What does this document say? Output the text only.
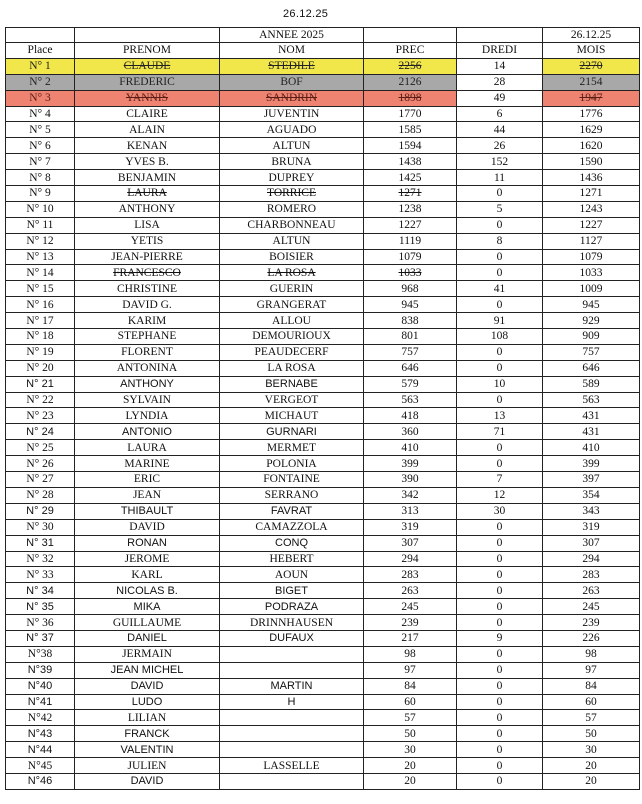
26.12.25
		ANNEE 2025			26.12.25
Place	PRENOM	NOM	PREC	DREDI	MOIS
N° 1	CLAUDE	STEDILE	2256	14	2270
N° 2	FREDERIC	BOF	2126	28	2154
N° 3	YANNIS	SANDRIN	1898	49	1947
N° 4	CLAIRE	JUVENTIN	1770	6	1776
N° 5	ALAIN	AGUADO	1585	44	1629
N° 6	KENAN	ALTUN	1594	26	1620
N° 7	YVES B.	BRUNA	1438	152	1590
N° 8	BENJAMIN	DUPREY	1425	11	1436
N° 9	LAURA	TORRICE	1271	0	1271
N° 10	ANTHONY	ROMERO	1238	5	1243
N° 11	LISA	CHARBONNEAU	1227	0	1227
N° 12	YETIS	ALTUN	1119	8	1127
N° 13	JEAN-PIERRE	BOISIER	1079	0	1079
N° 14	FRANCESCO	LA ROSA	1033	0	1033
N° 15	CHRISTINE	GUERIN	968	41	1009
N° 16	DAVID G.	GRANGERAT	945	0	945
N° 17	KARIM	ALLOU	838	91	929
N° 18	STEPHANE	DEMOURIOUX	801	108	909
N° 19	FLORENT	PEAUDECERF	757	0	757
N° 20	ANTONINA	LA ROSA	646	0	646
N° 21	ANTHONY	BERNABE	579	10	589
N° 22	SYLVAIN	VERGEOT	563	0	563
N° 23	LYNDIA	MICHAUT	418	13	431
N° 24	ANTONIO	GURNARI	360	71	431
N° 25	LAURA	MERMET	410	0	410
N° 26	MARINE	POLONIA	399	0	399
N° 27	ERIC	FONTAINE	390	7	397
N° 28	JEAN	SERRANO	342	12	354
N° 29	THIBAULT	FAVRAT	313	30	343
N° 30	DAVID	CAMAZZOLA	319	0	319
N° 31	RONAN	CONQ	307	0	307
N° 32	JEROME	HEBERT	294	0	294
N° 33	KARL	AOUN	283	0	283
N° 34	NICOLAS B.	BIGET	263	0	263
N° 35	MIKA	PODRAZA	245	0	245
N° 36	GUILLAUME	DRINNHAUSEN	239	0	239
N° 37	DANIEL	DUFAUX	217	9	226
N°38	JERMAIN		98	0	98
N°39	JEAN MICHEL		97	0	97
N°40	DAVID	MARTIN	84	0	84
N°41	LUDO	H	60	0	60
N°42	LILIAN		57	0	57
N°43	FRANCK		50	0	50
N°44	VALENTIN		30	0	30
N°45	JULIEN	LASSELLE	20	0	20
N°46	DAVID		20	0	20
